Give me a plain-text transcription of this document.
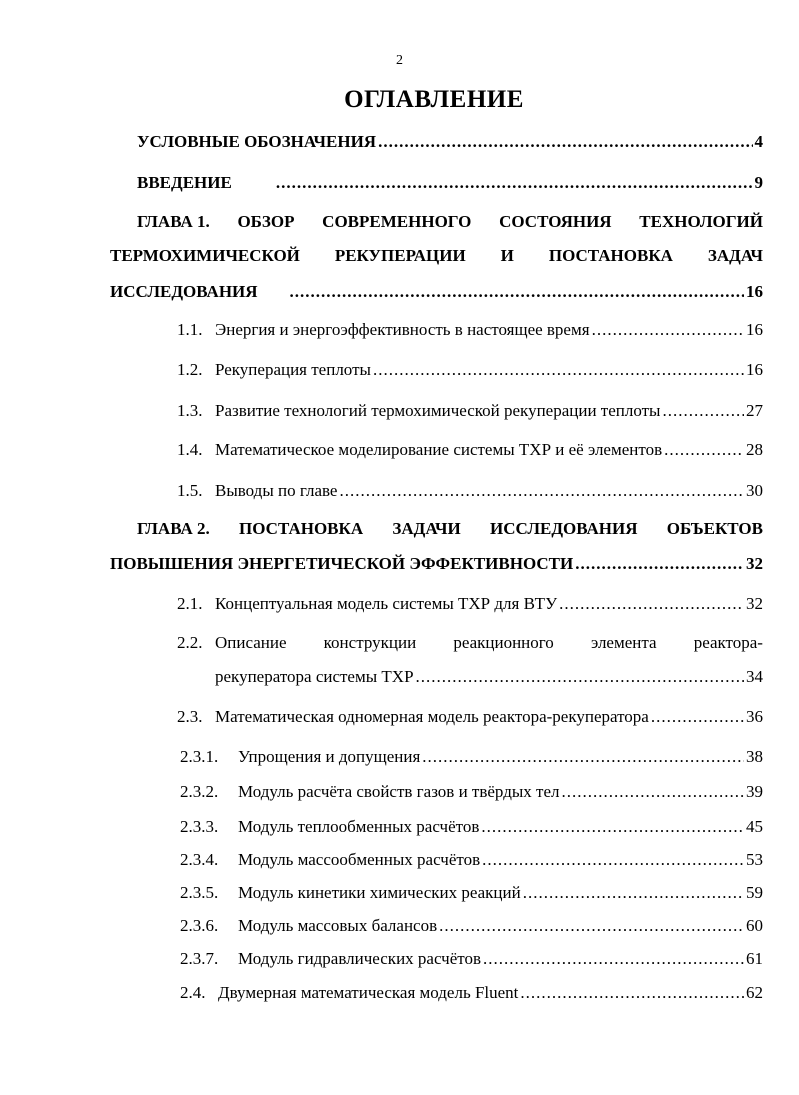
2
ОГЛАВЛЕНИЕ
УСЛОВНЫЕ ОБОЗНАЧЕНИЯ .....	4
ВВЕДЕНИЕ .....	9
ГЛАВА 1. ОБЗОР СОВРЕМЕННОГО СОСТОЯНИЯ ТЕХНОЛОГИЙ
ТЕРМОХИМИЧЕСКОЙ РЕКУПЕРАЦИИ И ПОСТАНОВКА ЗАДАЧ
ИССЛЕДОВАНИЯ .....	16
1.1. Энергия и энергоэффективность в настоящее время .....	16
1.2. Рекуперация теплоты .....	16
1.3. Развитие технологий термохимической рекуперации теплоты .....	27
1.4. Математическое моделирование системы ТХР и её элементов .....	28
1.5. Выводы по главе .....	30
ГЛАВА 2. ПОСТАНОВКА ЗАДАЧИ ИССЛЕДОВАНИЯ ОБЪЕКТОВ
ПОВЫШЕНИЯ ЭНЕРГЕТИЧЕСКОЙ ЭФФЕКТИВНОСТИ .....	32
2.1. Концептуальная модель системы ТХР для ВТУ .....	32
2.2. Описание конструкции реакционного элемента реактора-
рекуператора системы ТХР .....	34
2.3. Математическая одномерная модель реактора-рекуператора .....	36
2.3.1.	Упрощения и допущения .....	38
2.3.2.	Модуль расчёта свойств газов и твёрдых тел .....	39
2.3.3.	Модуль теплообменных расчётов .....	45
2.3.4.	Модуль массообменных расчётов .....	53
2.3.5.	Модуль кинетики химических реакций .....	59
2.3.6.	Модуль массовых балансов .....	60
2.3.7.	Модуль гидравлических расчётов .....	61
2.4. Двумерная математическая модель Fluent .....	62
